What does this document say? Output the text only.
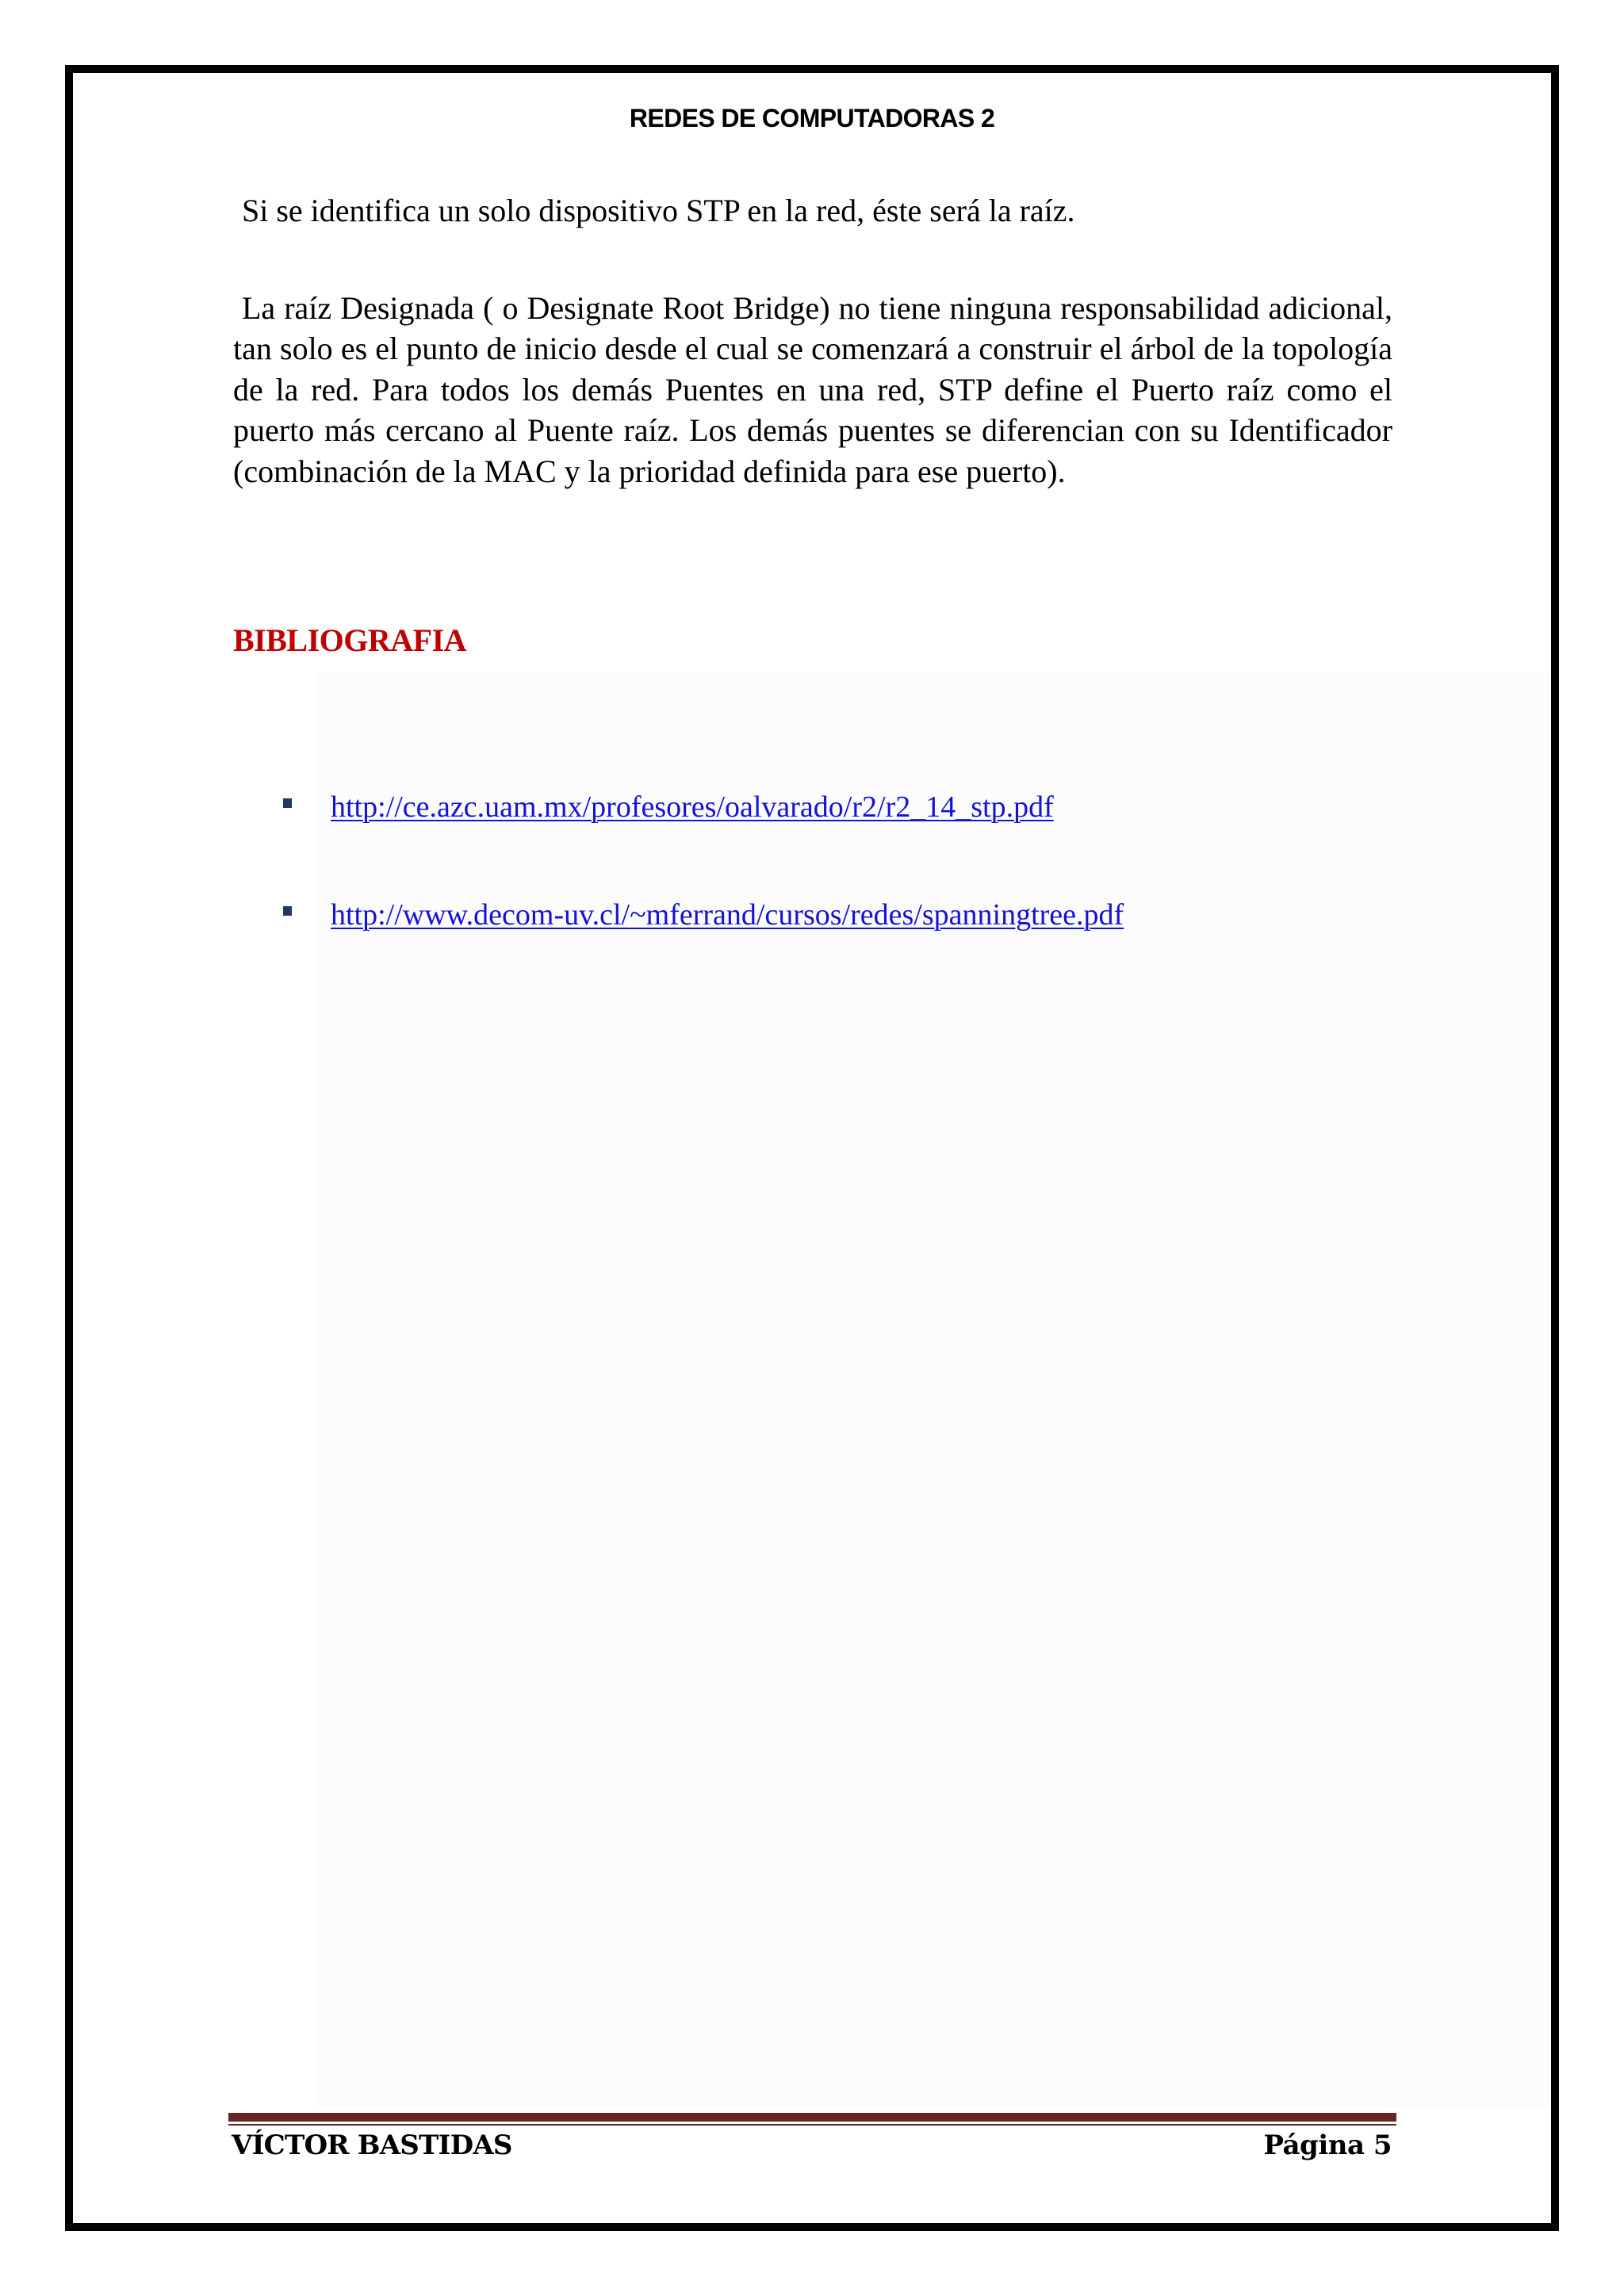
REDES DE COMPUTADORAS 2

Si se identifica un solo dispositivo STP en la red, éste será la raíz.

La raíz Designada ( o Designate Root Bridge) no tiene ninguna responsabilidad adicional, tan solo es el punto de inicio desde el cual se comenzará a construir el árbol de la topología de la red. Para todos los demás Puentes en una red, STP define el Puerto raíz como el puerto más cercano al Puente raíz. Los demás puentes se diferencian con su Identificador (combinación de la MAC y la prioridad definida para ese puerto).

BIBLIOGRAFIA
http://ce.azc.uam.mx/profesores/oalvarado/r2/r2_14_stp.pdf
http://www.decom-uv.cl/~mferrand/cursos/redes/spanningtree.pdf
VÍCTOR BASTIDAS	Página 5
